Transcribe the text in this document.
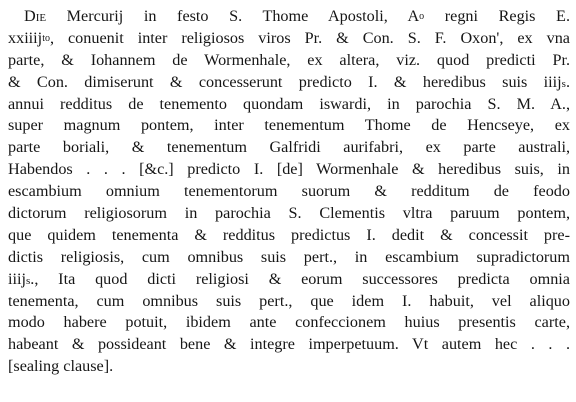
Die Mercurij in festo S. Thome Apostoli, $A^o$ regni Regis E.
xxiiij$^{to}$, conuenit inter religiosos viros Pr. & Con. S. F. Oxon', ex vna
parte, & Iohannem de Wormenhale, ex altera, viz. quod predicti Pr.
& Con. dimiserunt & concesserunt predicto I. & heredibus suis iiijs.
annui redditus de tenemento quondam iswardi, in parochia S. M. A.,
super magnum pontem, inter tenementum Thome de Hencseye, ex
parte boriali, & tenementum Galfridi aurifabri, ex parte australi,
Habendos . . . [&c.] predicto I. [de] Wormenhale & heredibus suis, in
escambium omnium tenementorum suorum & redditum de feodo
dictorum religiosorum in parochia S. Clementis vltra paruum pontem,
que quidem tenementa & redditus predictus I. dedit & concessit pre-
dictis religiosis, cum omnibus suis pert., in escambium supradictorum
iiijs., Ita quod dicti religiosi & eorum successores predicta omnia
tenementa, cum omnibus suis pert., que idem I. habuit, vel aliquo
modo habere potuit, ibidem ante confeccionem huius presentis carte,
habeant & possideant bene & integre imperpetuum. Vt autem hec . . .
[sealing clause].
